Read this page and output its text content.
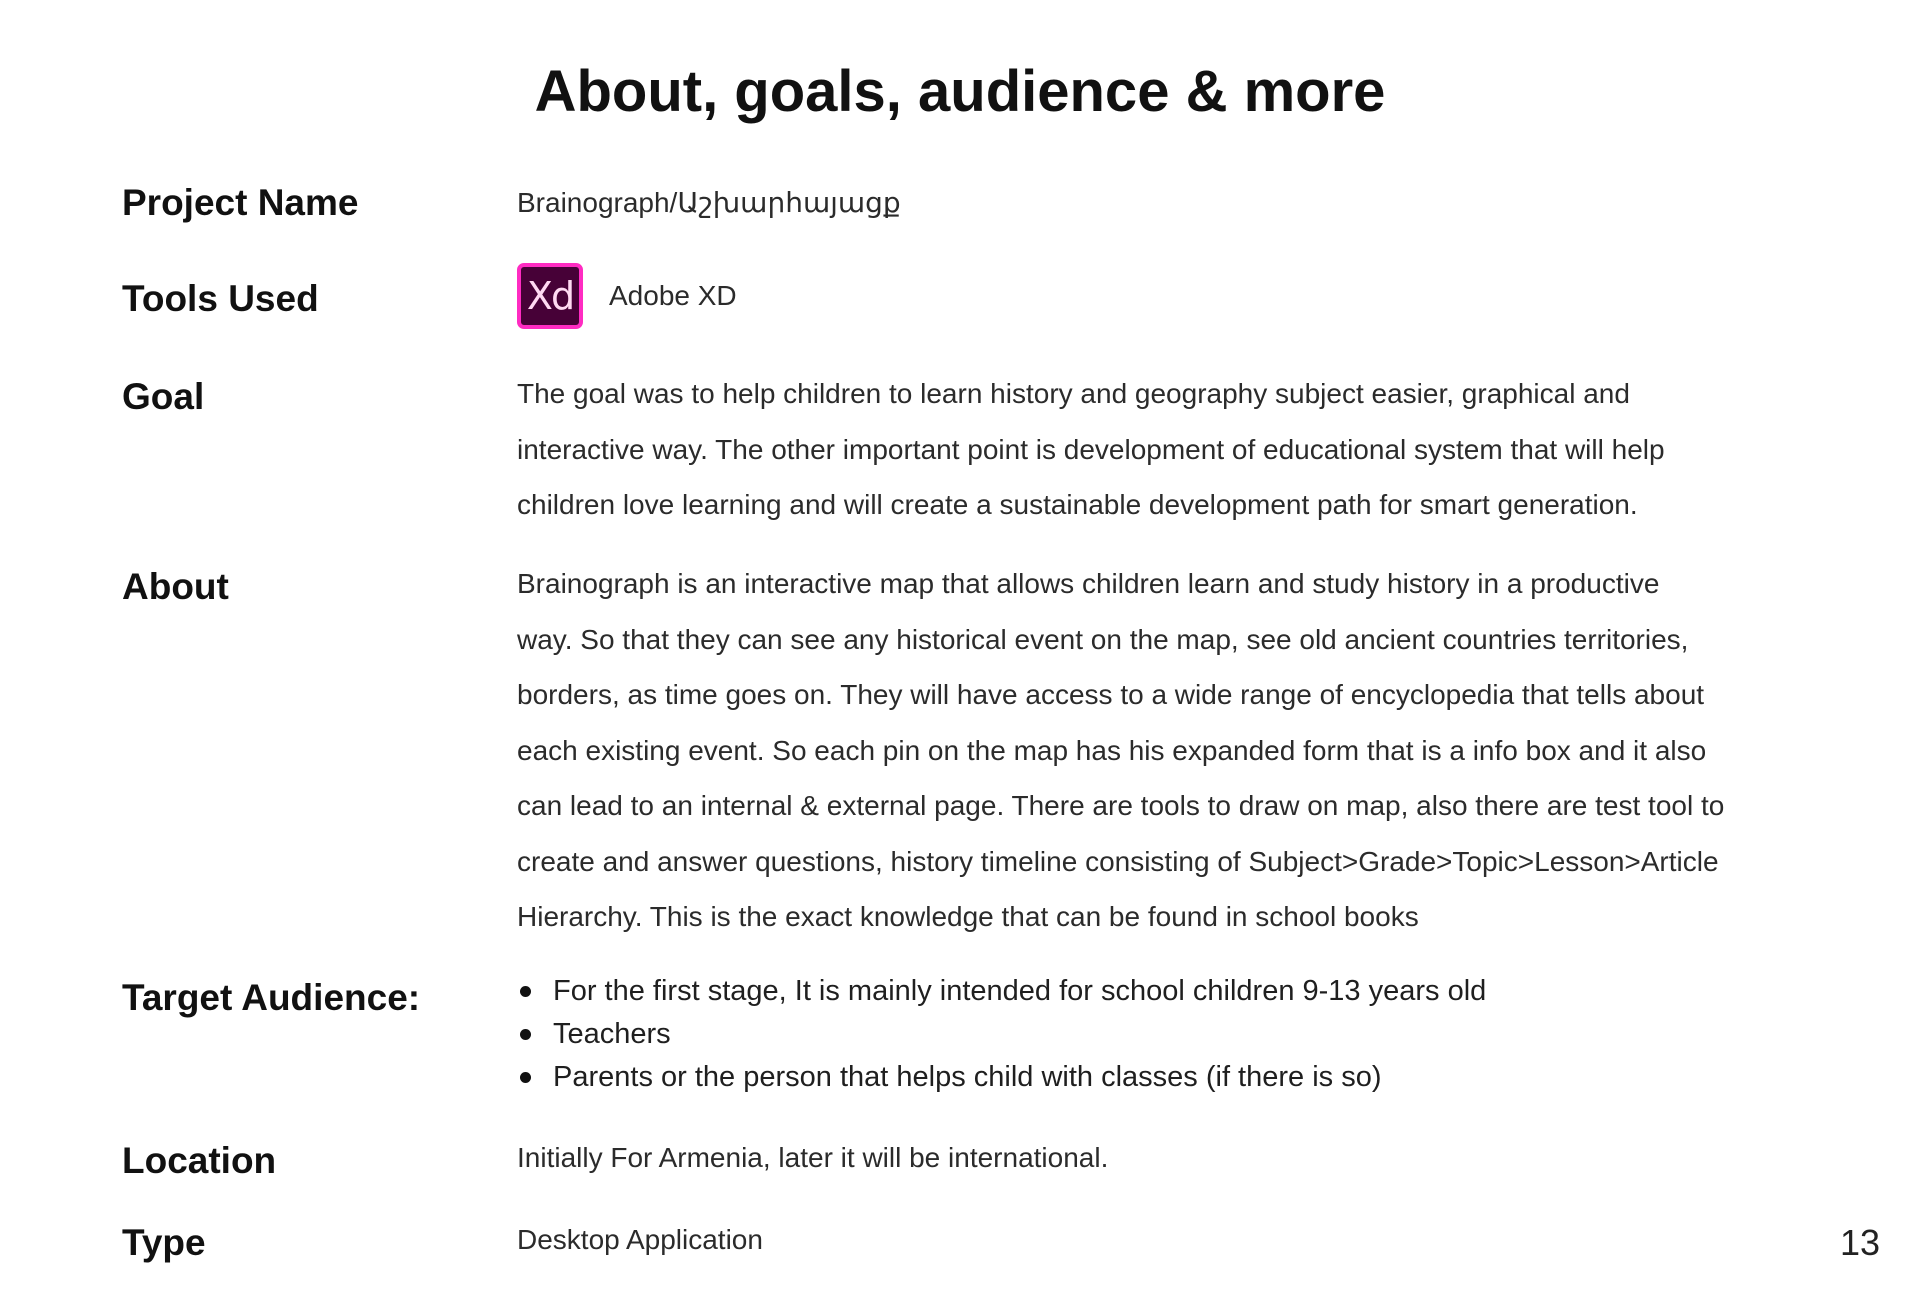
About, goals, audience & more
Project Name	Brainograph/Աշխարհայացք
Tools Used	Xd	Adobe XD
Goal	The goal was to help children to learn history and geography subject easier, graphical and
interactive way. The other important point is development of educational system that will help
children love learning and will create a sustainable development path for smart generation.

About	Brainograph is an interactive map that allows children learn and study history in a productive
way. So that they can see any historical event on the map, see old ancient countries territories,
borders, as time goes on. They will have access to a wide range of encyclopedia that tells about
each existing event. So each pin on the map has his expanded form that is a info box and it also
can lead to an internal & external page. There are tools to draw on map, also there are test tool to
create and answer questions, history timeline consisting of Subject>Grade>Topic>Lesson>Article
Hierarchy. This is the exact knowledge that can be found in school books

Target Audience:	For the first stage, It is mainly intended for school children 9-13 years old
Teachers
Parents or the person that helps child with classes (if there is so)
Location	Initially For Armenia, later it will be international.
Type	Desktop Application	13
